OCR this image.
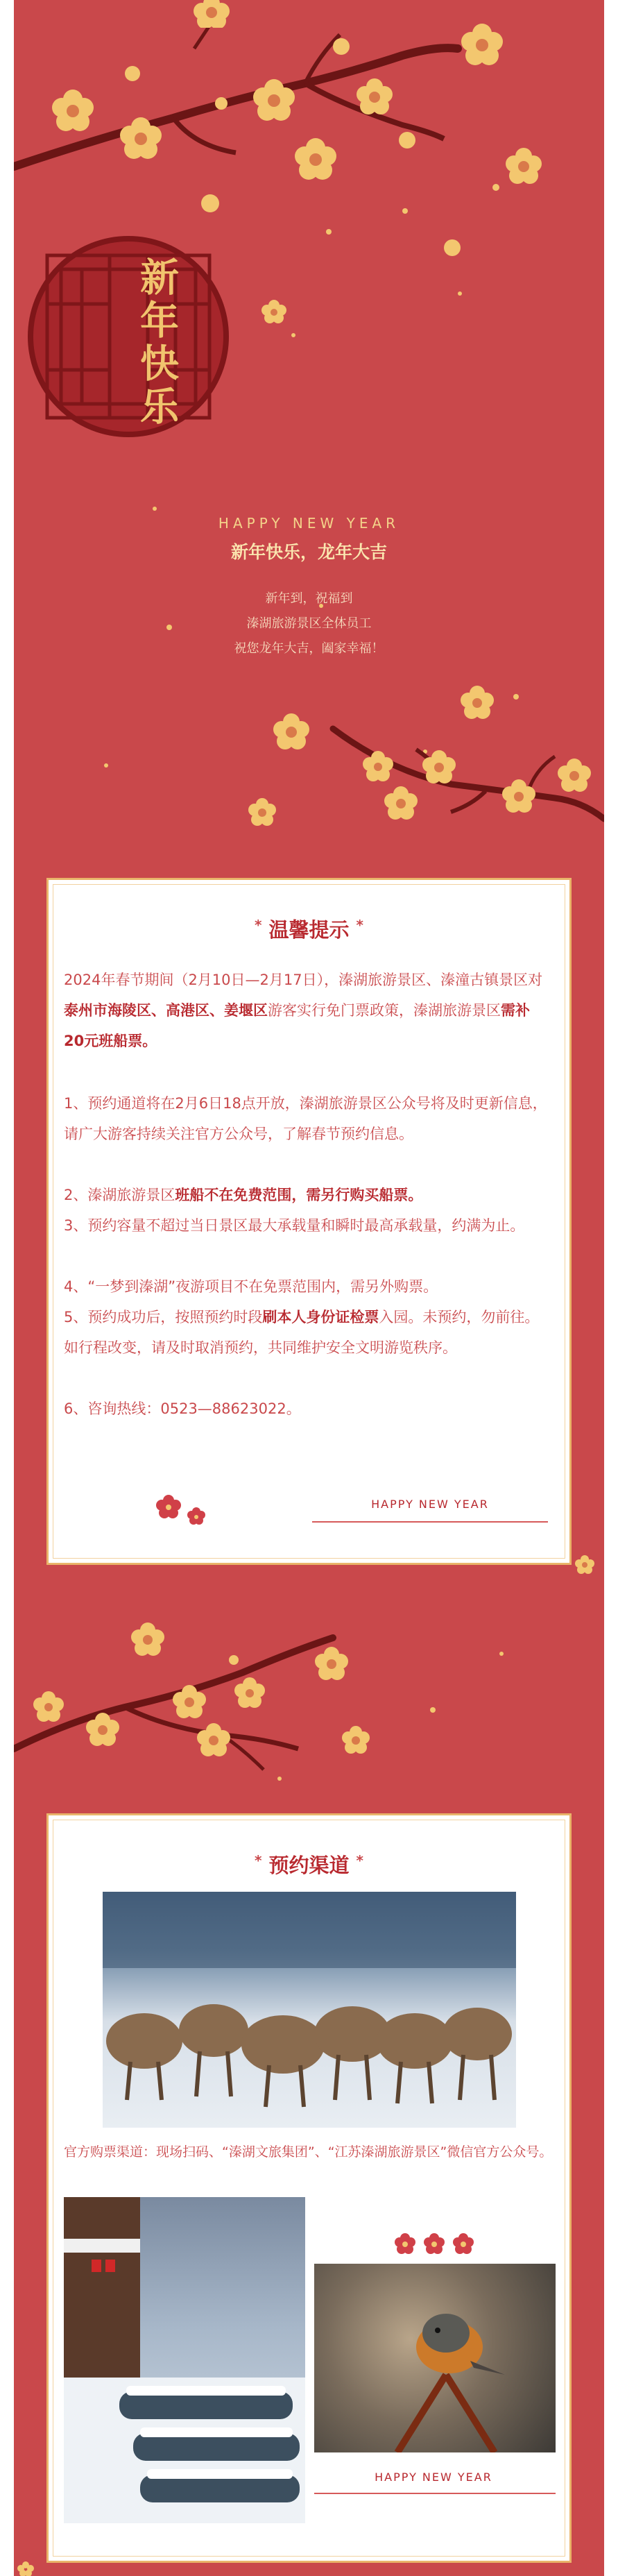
新年快乐
HAPPY NEW YEAR
新年快乐，龙年大吉
新年到，祝福到
溱湖旅游景区全体员工
祝您龙年大吉，阖家幸福！
* 温馨提示 *
2024年春节期间（2月10日—2月17日），溱湖旅游景区、溱潼古镇景区对泰州市海陵区、高港区、姜堰区游客实行免门票政策，溱湖旅游景区需补20元班船票。
1、预约通道将在2月6日18点开放，溱湖旅游景区公众号将及时更新信息，请广大游客持续关注官方公众号，了解春节预约信息。
2、溱湖旅游景区班船不在免费范围，需另行购买船票。
3、预约容量不超过当日景区最大承载量和瞬时最高承载量，约满为止。
4、“一梦到溱湖”夜游项目不在免票范围内，需另外购票。
5、预约成功后，按照预约时段刷本人身份证检票入园。未预约，勿前往。如行程改变，请及时取消预约，共同维护安全文明游览秩序。
6、咨询热线：0523—88623022。
HAPPY NEW YEAR
* 预约渠道 *
官方购票渠道：现场扫码、“溱湖文旅集团”、“江苏溱湖旅游景区”微信官方公众号。
HAPPY NEW YEAR
